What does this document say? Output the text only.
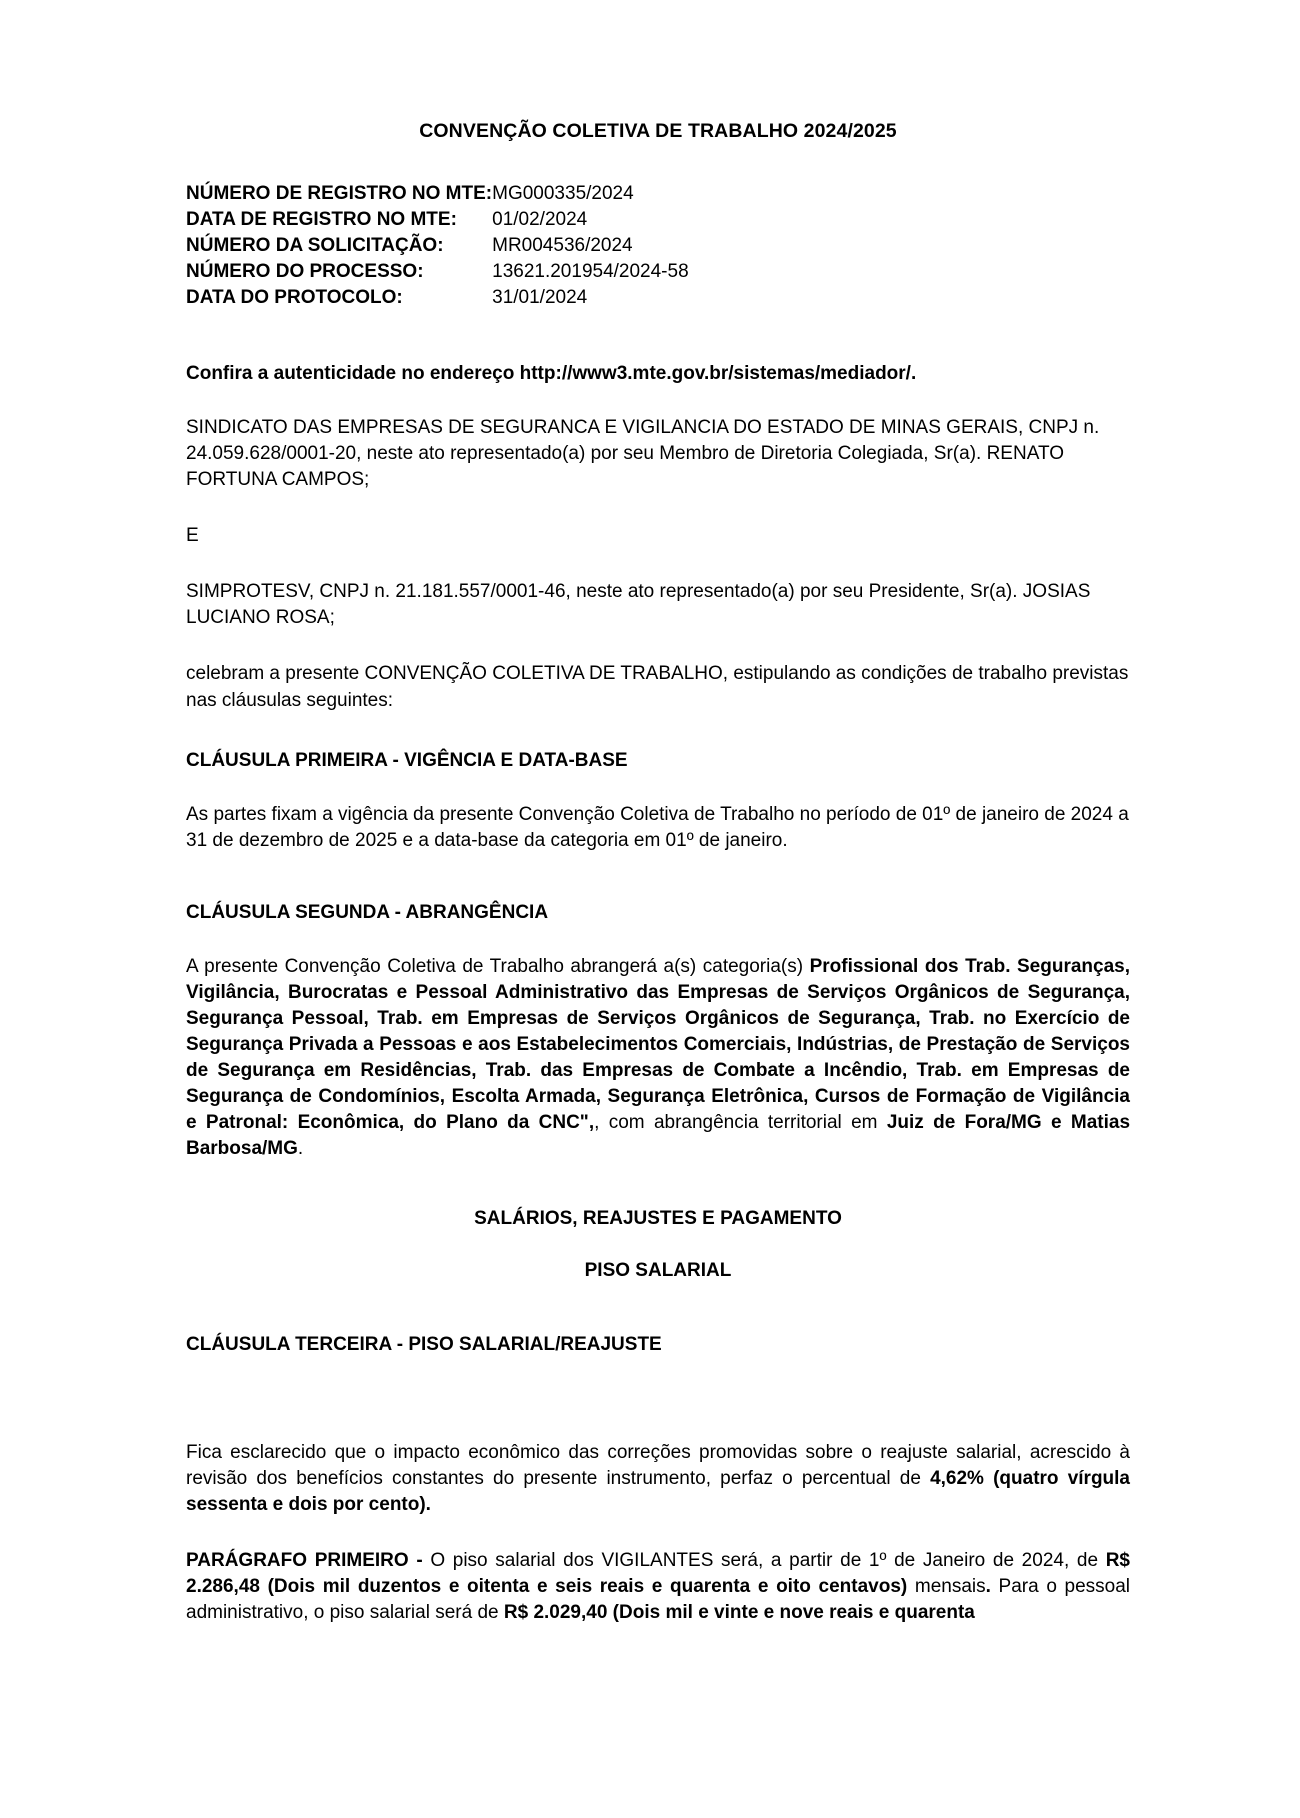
CONVENÇÃO COLETIVA DE TRABALHO 2024/2025
NÚMERO DE REGISTRO NO MTE:	MG000335/2024
DATA DE REGISTRO NO MTE:	01/02/2024
NÚMERO DA SOLICITAÇÃO:	MR004536/2024
NÚMERO DO PROCESSO:	13621.201954/2024-58
DATA DO PROTOCOLO:	31/01/2024

Confira a autenticidade no endereço http://www3.mte.gov.br/sistemas/mediador/.

SINDICATO DAS EMPRESAS DE SEGURANCA E VIGILANCIA DO ESTADO DE MINAS GERAIS, CNPJ n. 24.059.628/0001-20, neste ato representado(a) por seu Membro de Diretoria Colegiada, Sr(a). RENATO FORTUNA CAMPOS;

E

SIMPROTESV, CNPJ n. 21.181.557/0001-46, neste ato representado(a) por seu Presidente, Sr(a). JOSIAS LUCIANO ROSA;

celebram a presente CONVENÇÃO COLETIVA DE TRABALHO, estipulando as condições de trabalho previstas nas cláusulas seguintes:

CLÁUSULA PRIMEIRA - VIGÊNCIA E DATA-BASE

As partes fixam a vigência da presente Convenção Coletiva de Trabalho no período de 01º de janeiro de 2024 a 31 de dezembro de 2025 e a data-base da categoria em 01º de janeiro.

CLÁUSULA SEGUNDA - ABRANGÊNCIA

A presente Convenção Coletiva de Trabalho abrangerá a(s) categoria(s) Profissional dos Trab. Seguranças, Vigilância, Burocratas e Pessoal Administrativo das Empresas de Serviços Orgânicos de Segurança, Segurança Pessoal, Trab. em Empresas de Serviços Orgânicos de Segurança, Trab. no Exercício de Segurança Privada a Pessoas e aos Estabelecimentos Comerciais, Indústrias, de Prestação de Serviços de Segurança em Residências, Trab. das Empresas de Combate a Incêndio, Trab. em Empresas de Segurança de Condomínios, Escolta Armada, Segurança Eletrônica, Cursos de Formação de Vigilância e Patronal: Econômica, do Plano da CNC",, com abrangência territorial em Juiz de Fora/MG e Matias Barbosa/MG.

SALÁRIOS, REAJUSTES E PAGAMENTO

PISO SALARIAL

CLÁUSULA TERCEIRA - PISO SALARIAL/REAJUSTE

Fica esclarecido que o impacto econômico das correções promovidas sobre o reajuste salarial, acrescido à revisão dos benefícios constantes do presente instrumento, perfaz o percentual de 4,62% (quatro vírgula sessenta e dois por cento).

PARÁGRAFO PRIMEIRO - O piso salarial dos VIGILANTES será, a partir de 1º de Janeiro de 2024, de R$ 2.286,48 (Dois mil duzentos e oitenta e seis reais e quarenta e oito centavos) mensais. Para o pessoal administrativo, o piso salarial será de R$ 2.029,40 (Dois mil e vinte e nove reais e quarenta
